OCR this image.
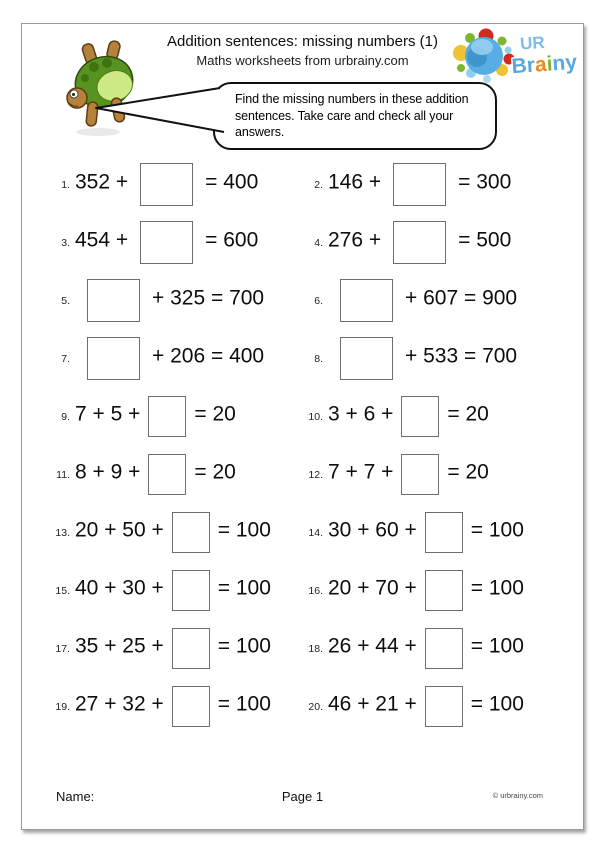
Addition sentences: missing numbers (1)
Maths worksheets from urbrainy.com
UR
Brainy
Find the missing numbers in these addition
sentences. Take care and check all your
answers.
1. 352 +	= 400	2. 146 +	= 300
3. 454 +	= 600	4. 276 +	= 500
5.	+ 325 = 700	6.	+ 607 = 900
7.	+ 206 = 400	8.	+ 533 = 700
9. 7 + 5 +	= 20	10. 3 + 6 +	= 20
11. 8 + 9 +	= 20	12. 7 + 7 +	= 20
13. 20 + 50 +	= 100	14. 30 + 60 +	= 100
15. 40 + 30 +	= 100	16. 20 + 70 +	= 100
17. 35 + 25 +	= 100	18. 26 + 44 +	= 100
19. 27 + 32 +	= 100	20. 46 + 21 +	= 100
Name:	Page 1	© urbrainy.com
